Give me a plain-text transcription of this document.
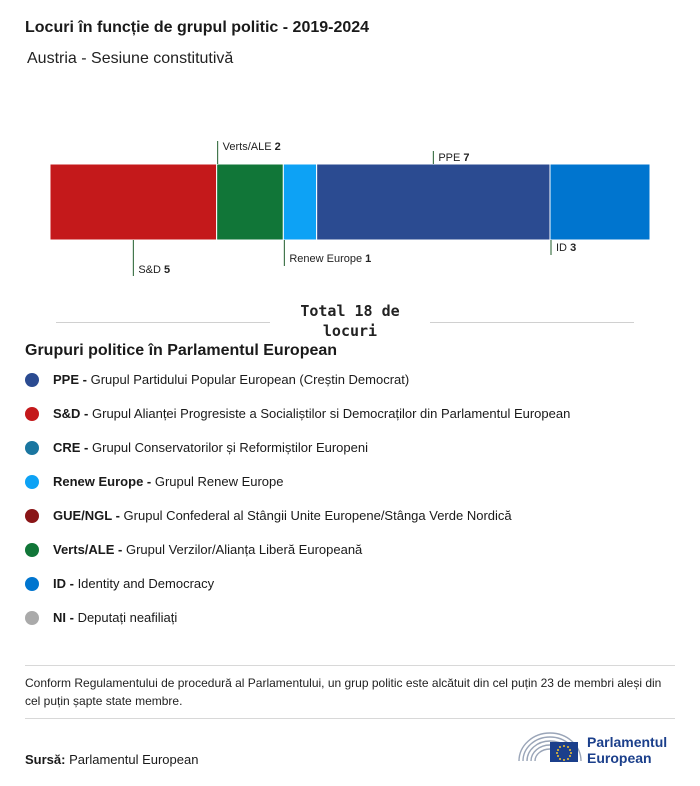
Locuri în funcție de grupul politic - 2019-2024
Austria - Sesiune constitutivă
S&D 5
Verts/ALE 2
Renew Europe 1
PPE 7
ID 3
Total 18 de locuri
Grupuri politice în Parlamentul European
PPE - Grupul Partidului Popular European (Creștin Democrat)
S&D - Grupul Alianței Progresiste a Socialiștilor si Democraților din Parlamentul European
CRE - Grupul Conservatorilor și Reformiștilor Europeni
Renew Europe - Grupul Renew Europe
GUE/NGL - Grupul Confederal al Stângii Unite Europene/Stânga Verde Nordică
Verts/ALE - Grupul Verzilor/Alianța Liberă Europeană
ID - Identity and Democracy
NI - Deputați neafiliați
Conform Regulamentului de procedură al Parlamentului, un grup politic este alcătuit din cel puțin 23 de membri aleși din cel puțin șapte state membre.
Sursă: Parlamentul European
Parlamentul
European
